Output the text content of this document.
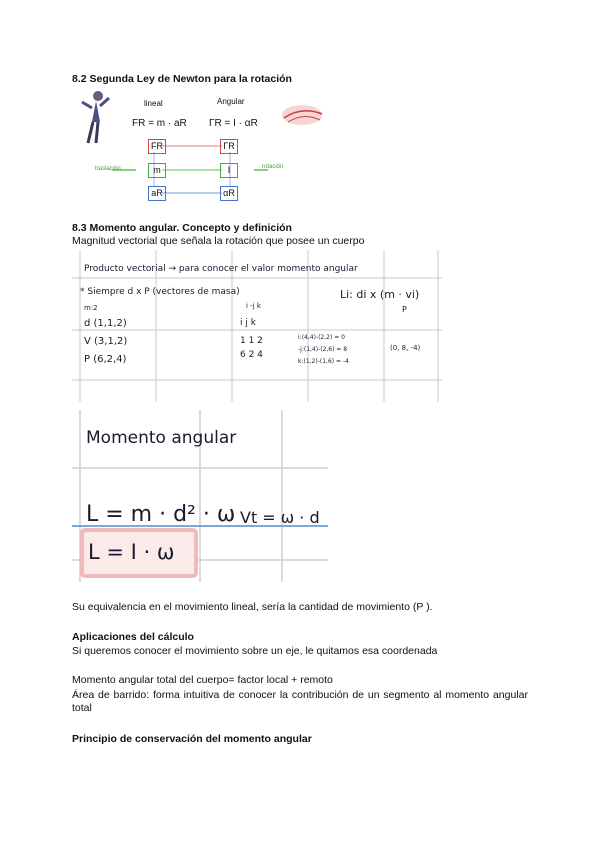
8.2 Segunda Ley de Newton para la rotación
lineal	Angular
FR = m · aR ΓR = I · αR
FR	ΓR
m	I
aR	αR
traslación	rotación
8.3 Momento angular. Concepto y definición
Magnitud vectorial que señala la rotación que posee un cuerpo
Producto vectorial → para conocer el valor momento angular
* Siempre d x P (vectores de masa)
m:2
d (1,1,2)
V (3,1,2)
P (6,2,4)
Li: di x (m · vi)
P
i -j k
i j k
1 1 2
6 2 4
i:(4,4)-(2,2) = 0
-j:(1,4)-(2,6) = 8
k:(1,2)-(1,6) = -4
(0, 8, -4)
Momento angular
L = m · d² · ω Vt = ω · d
L = I · ω
Su equivalencia en el movimiento lineal, sería la cantidad de movimiento (P ).
Aplicaciones del cálculo
Si queremos conocer el movimiento sobre un eje, le quitamos esa coordenada
Momento angular total del cuerpo= factor local + remoto
Área de barrido: forma intuitiva de conocer la contribución de un segmento al momento angular total
Principio de conservación del momento angular
